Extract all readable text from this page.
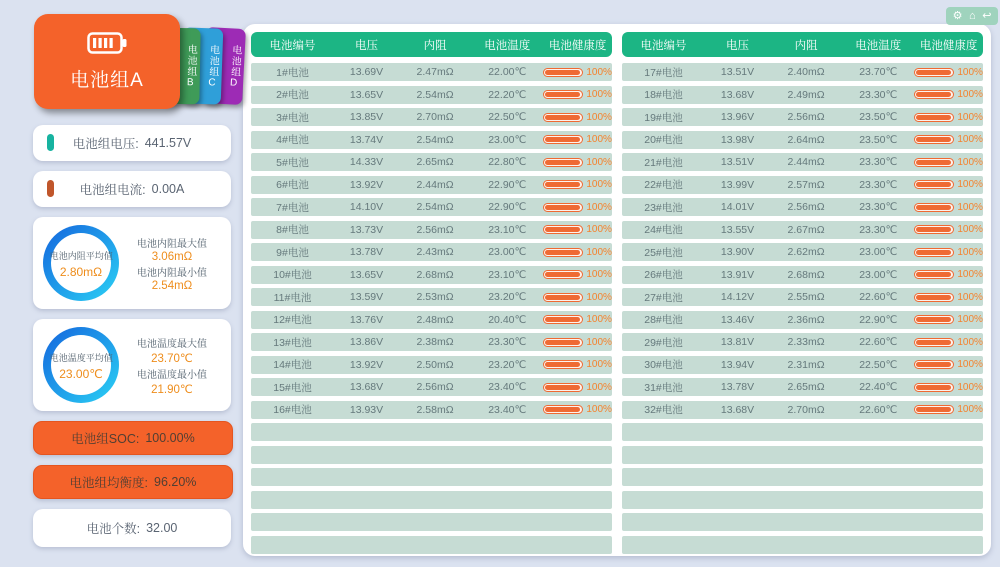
⚙ ⌂ ↩
电池组D
电池组C
电池组B
电池组A
电池组电压: 441.57V
电池组电流: 0.00A
电池内阻平均值
2.80mΩ
电池内阻最大值
3.06mΩ
电池内阻最小值
2.54mΩ
电池温度平均值
23.00℃
电池温度最大值
23.70℃
电池温度最小值
21.90℃
电池组SOC: 100.00%
电池组均衡度: 96.20%
电池个数: 32.00
电池编号	电压	内阻	电池温度	电池健康度
1#电池	13.69V	2.47mΩ	22.00℃	100%
2#电池	13.65V	2.54mΩ	22.20℃	100%
3#电池	13.85V	2.70mΩ	22.50℃	100%
4#电池	13.74V	2.54mΩ	23.00℃	100%
5#电池	14.33V	2.65mΩ	22.80℃	100%
6#电池	13.92V	2.44mΩ	22.90℃	100%
7#电池	14.10V	2.54mΩ	22.90℃	100%
8#电池	13.73V	2.56mΩ	23.10℃	100%
9#电池	13.78V	2.43mΩ	23.00℃	100%
10#电池	13.65V	2.68mΩ	23.10℃	100%
11#电池	13.59V	2.53mΩ	23.20℃	100%
12#电池	13.76V	2.48mΩ	20.40℃	100%
13#电池	13.86V	2.38mΩ	23.30℃	100%
14#电池	13.92V	2.50mΩ	23.20℃	100%
15#电池	13.68V	2.56mΩ	23.40℃	100%
16#电池	13.93V	2.58mΩ	23.40℃	100%
电池编号	电压	内阻	电池温度	电池健康度
17#电池	13.51V	2.40mΩ	23.70℃	100%
18#电池	13.68V	2.49mΩ	23.30℃	100%
19#电池	13.96V	2.56mΩ	23.50℃	100%
20#电池	13.98V	2.64mΩ	23.50℃	100%
21#电池	13.51V	2.44mΩ	23.30℃	100%
22#电池	13.99V	2.57mΩ	23.30℃	100%
23#电池	14.01V	2.56mΩ	23.30℃	100%
24#电池	13.55V	2.67mΩ	23.30℃	100%
25#电池	13.90V	2.62mΩ	23.00℃	100%
26#电池	13.91V	2.68mΩ	23.00℃	100%
27#电池	14.12V	2.55mΩ	22.60℃	100%
28#电池	13.46V	2.36mΩ	22.90℃	100%
29#电池	13.81V	2.33mΩ	22.60℃	100%
30#电池	13.94V	2.31mΩ	22.50℃	100%
31#电池	13.78V	2.65mΩ	22.40℃	100%
32#电池	13.68V	2.70mΩ	22.60℃	100%
